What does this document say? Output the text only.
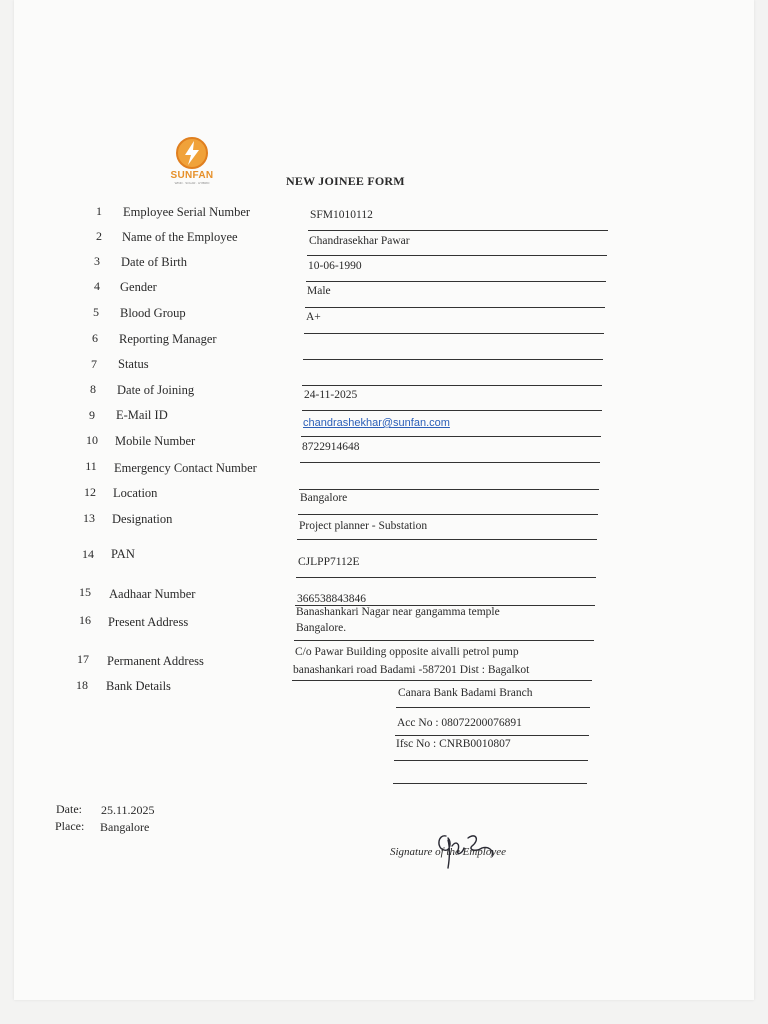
SUNFAN
WIND · SOLAR · HYBRID	NEW JOINEE FORM
1
2
3
4
5
6
7
8
9
10
11
12
13
14
15
16
17
18
Employee Serial Number
Name of the Employee
Date of Birth
Gender
Blood Group
Reporting Manager
Status
Date of Joining
E-Mail ID
Mobile Number
Emergency Contact Number
Location
Designation
PAN
Aadhaar Number
Present Address
Permanent Address
Bank Details
SFM1010112
Chandrasekhar Pawar
10-06-1990
Male
A+
24-11-2025
chandrashekhar@sunfan.com
8722914648
Bangalore
Project planner - Substation
CJLPP7112E
366538843846
Banashankari Nagar near gangamma temple
Bangalore.
C/o Pawar Building opposite aivalli petrol pump
banashankari road Badami -587201 Dist : Bagalkot
Canara Bank Badami Branch
Acc No : 08072200076891
Ifsc No : CNRB0010807
Date: 25.11.2025
Place: Bangalore
Signature of the Employee
